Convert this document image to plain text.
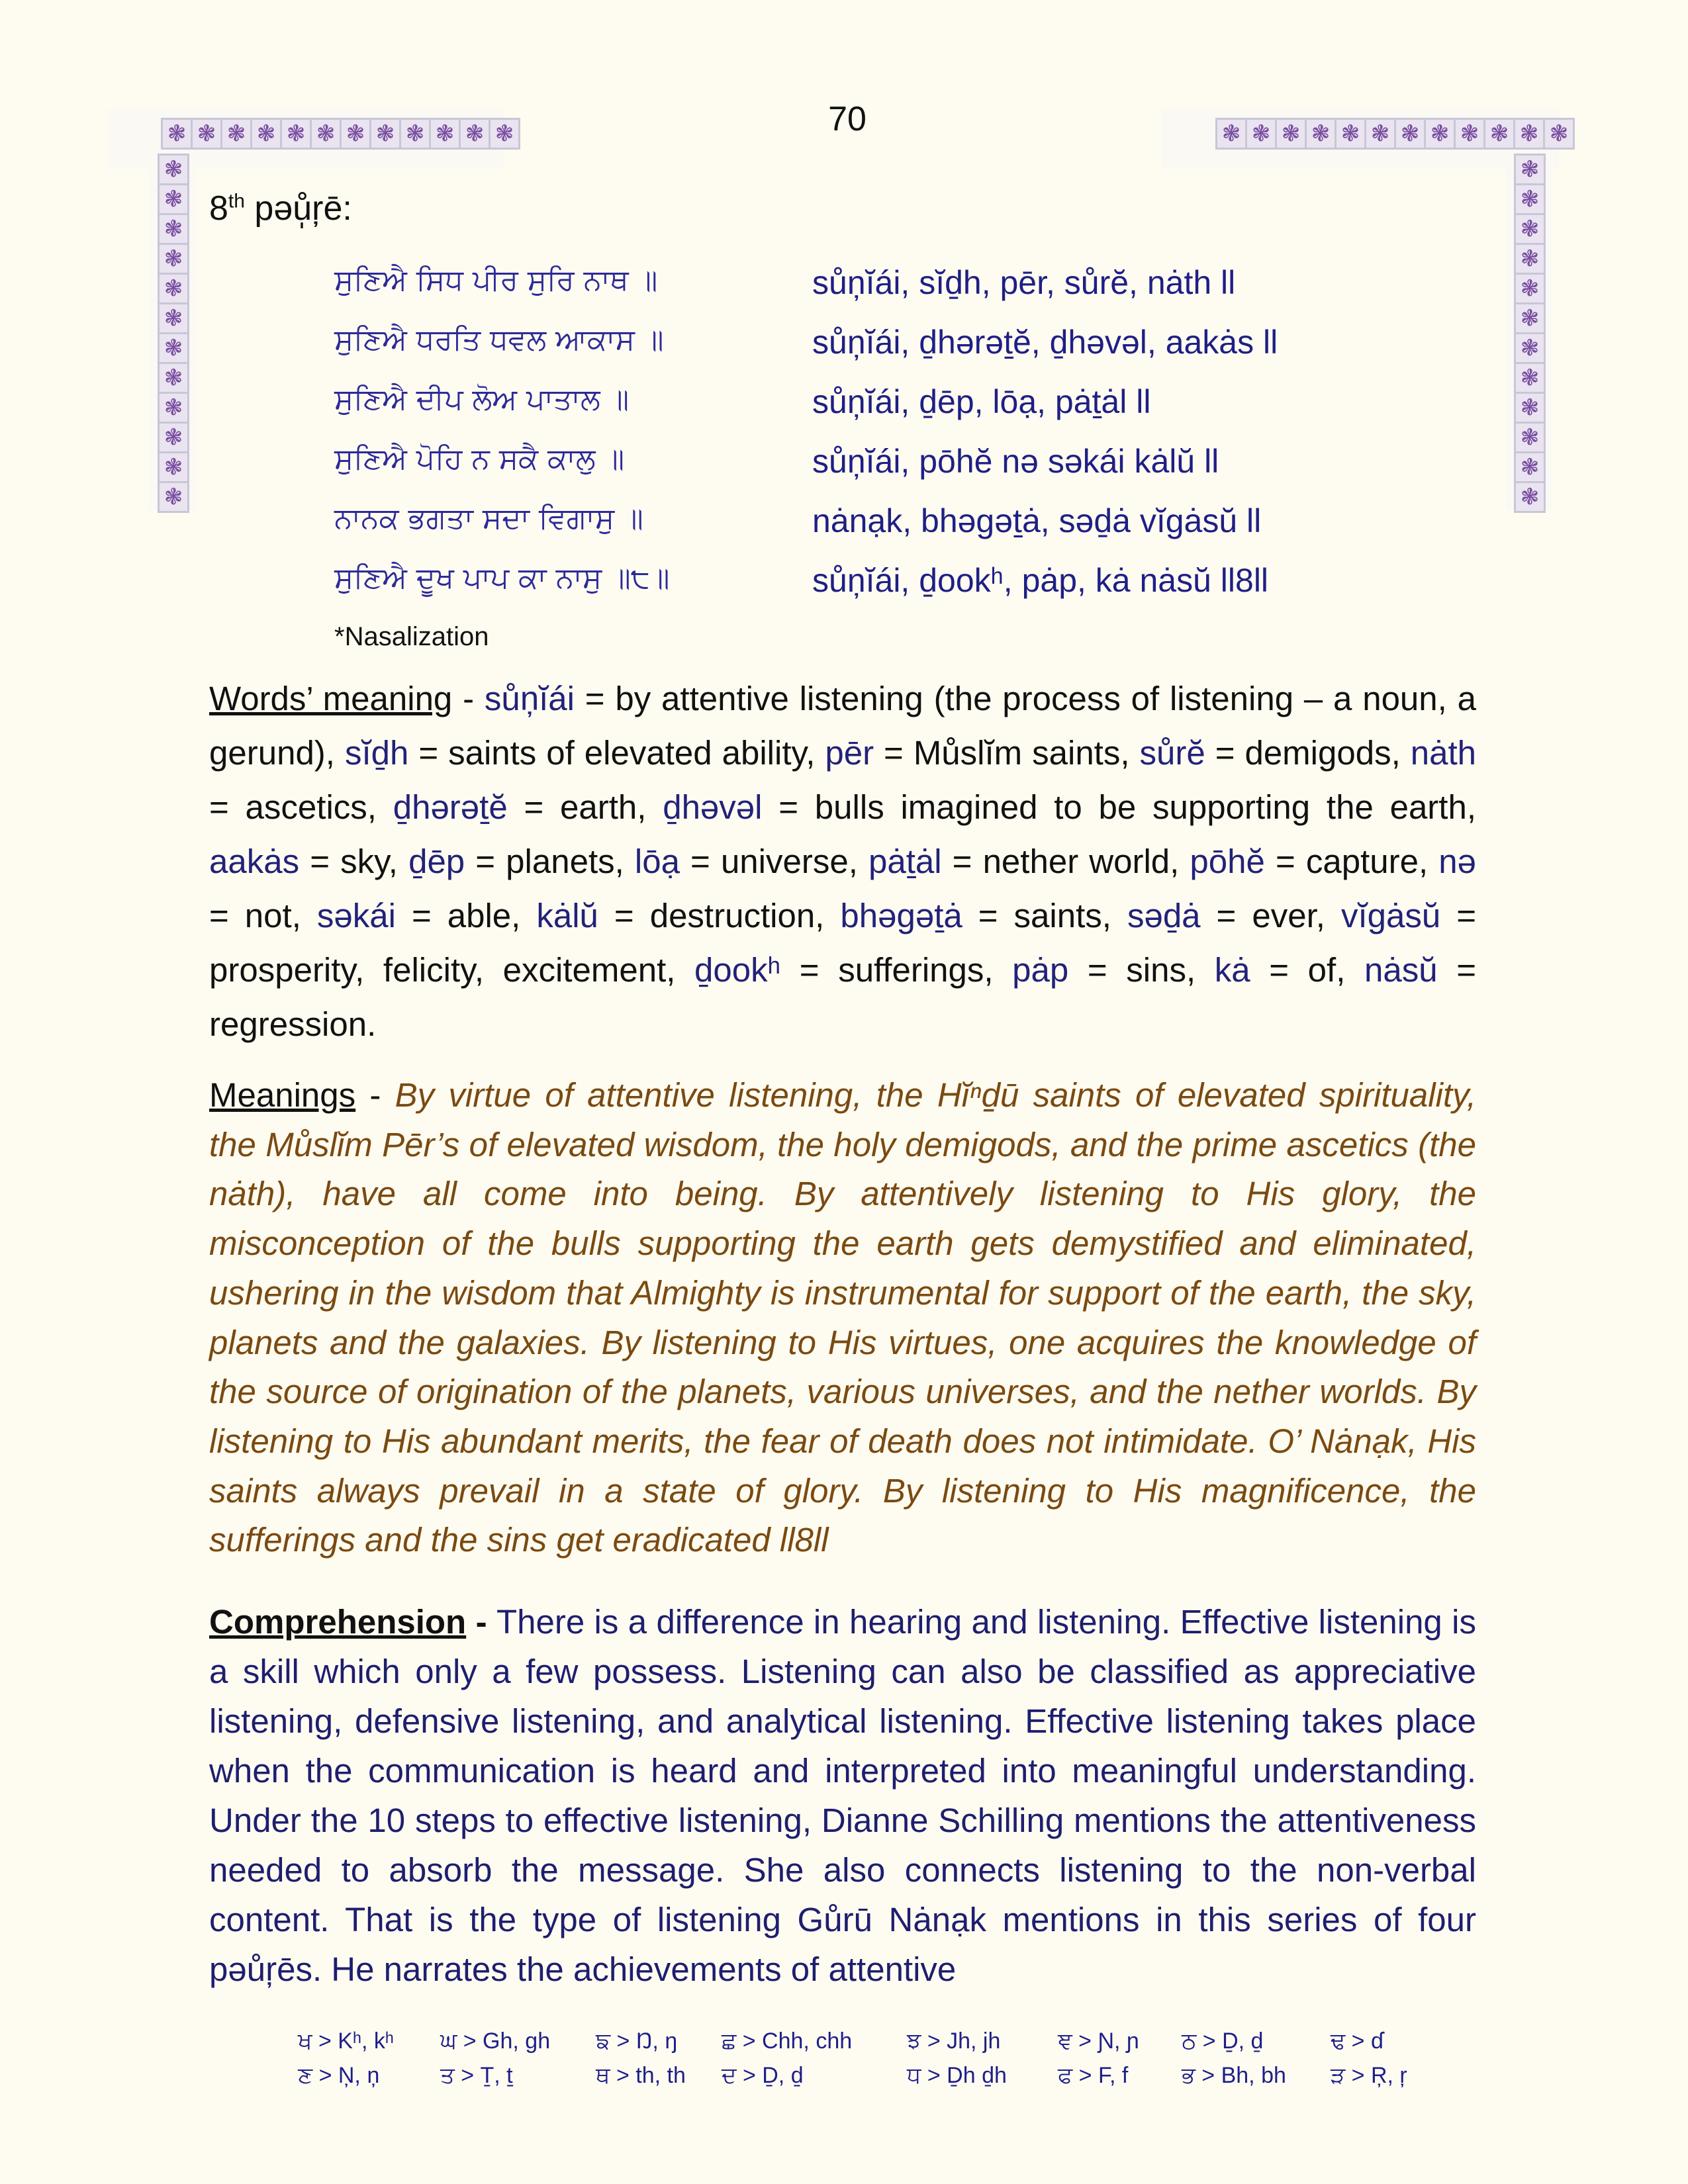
❃ ❃ ❃ ❃ ❃ ❃ ❃ ❃ ❃ ❃ ❃ ❃	❃ ❃ ❃ ❃ ❃ ❃ ❃ ❃ ❃ ❃ ❃ ❃
❃
❃
❃
❃
❃
❃
❃
❃
❃
❃
❃
❃
❃
❃
❃
❃
❃
❃
❃
❃
❃
❃
❃
❃
70
8th pəů̩ŗē:
ਸੁਣਿਐ ਸਿਧ ਪੀਰ ਸੁਰਿ ਨਾਥ ॥	sůņĭái, sĭḏh, pēr, sůrĕ, nȧth ll
ਸੁਣਿਐ ਧਰਤਿ ਧਵਲ ਆਕਾਸ ॥	sůņĭái, ḏhərəṯĕ, ḏhəvəl, aakȧs ll
ਸੁਣਿਐ ਦੀਪ ਲੋਅ ਪਾਤਾਲ ॥	sůņĭái, ḏēp, lōạ, pȧṯȧl ll
ਸੁਣਿਐ ਪੋਹਿ ਨ ਸਕੈ ਕਾਲੁ ॥	sůņĭái, pōhĕ nə səkái kȧlŭ ll
ਨਾਨਕ ਭਗਤਾ ਸਦਾ ਵਿਗਾਸੁ ॥	nȧnạk, bhəgəṯȧ, səḏȧ vĭgȧsŭ ll
ਸੁਣਿਐ ਦੂਖ ਪਾਪ ਕਾ ਨਾਸੁ ॥੮॥	sůņĭái, ḏookʰ, pȧp, kȧ nȧsŭ ll8ll
*Nasalization
Words’ meaning - sůņĭái = by attentive listening (the process of listening – a noun, a gerund), sĭḏh = saints of elevated ability, pēr = Můslĭm saints, sůrĕ = demigods, nȧth = ascetics, ḏhərəṯĕ = earth, ḏhəvəl = bulls imagined to be supporting the earth, aakȧs = sky, ḏēp = planets, lōạ = universe, pȧṯȧl = nether world, pōhĕ = capture, nə = not, səkái = able, kȧlŭ = destruction, bhəgəṯȧ = saints, səḏȧ = ever, vĭgȧsŭ = prosperity, felicity, excitement, ḏookʰ = sufferings, pȧp = sins, kȧ = of, nȧsŭ = regression.
Meanings - By virtue of attentive listening, the Hĭⁿḏū saints of elevated spirituality, the Můslĭm Pēr’s of elevated wisdom, the holy demigods, and the prime ascetics (the nȧth), have all come into being. By attentively listening to His glory, the misconception of the bulls supporting the earth gets demystified and eliminated, ushering in the wisdom that Almighty is instrumental for support of the earth, the sky, planets and the galaxies. By listening to His virtues, one acquires the knowledge of the source of origination of the planets, various universes, and the nether worlds. By listening to His abundant merits, the fear of death does not intimidate. O’ Nȧnạk, His saints always prevail in a state of glory. By listening to His magnificence, the sufferings and the sins get eradicated ll8ll
Comprehension - There is a difference in hearing and listening. Effective listening is a skill which only a few possess. Listening can also be classified as appreciative listening, defensive listening, and analytical listening. Effective listening takes place when the communication is heard and interpreted into meaningful understanding. Under the 10 steps to effective listening, Dianne Schilling mentions the attentiveness needed to absorb the message. She also connects listening to the non-verbal content. That is the type of listening Gůrū Nȧnạk mentions in this series of four pəůŗēs. He narrates the achievements of attentive
ਖ > Kʰ, kʰ ਘ > Gh, gh ਙ > Ŋ, ŋ ਛ > Chh, chh ਝ > Jh, jh	ਞ > Ɲ, ɲ ਠ > Ḏ, ḏ	ਢ > ɗ
ਣ > Ņ, ņ	ਤ > Ṯ, ṯ	ਥ > th, th ਦ > Ḏ, ḏ	ਧ > Ḏh ḏh ਫ > F, f ਭ > Bh, bh ੜ > Ŗ, ŗ
